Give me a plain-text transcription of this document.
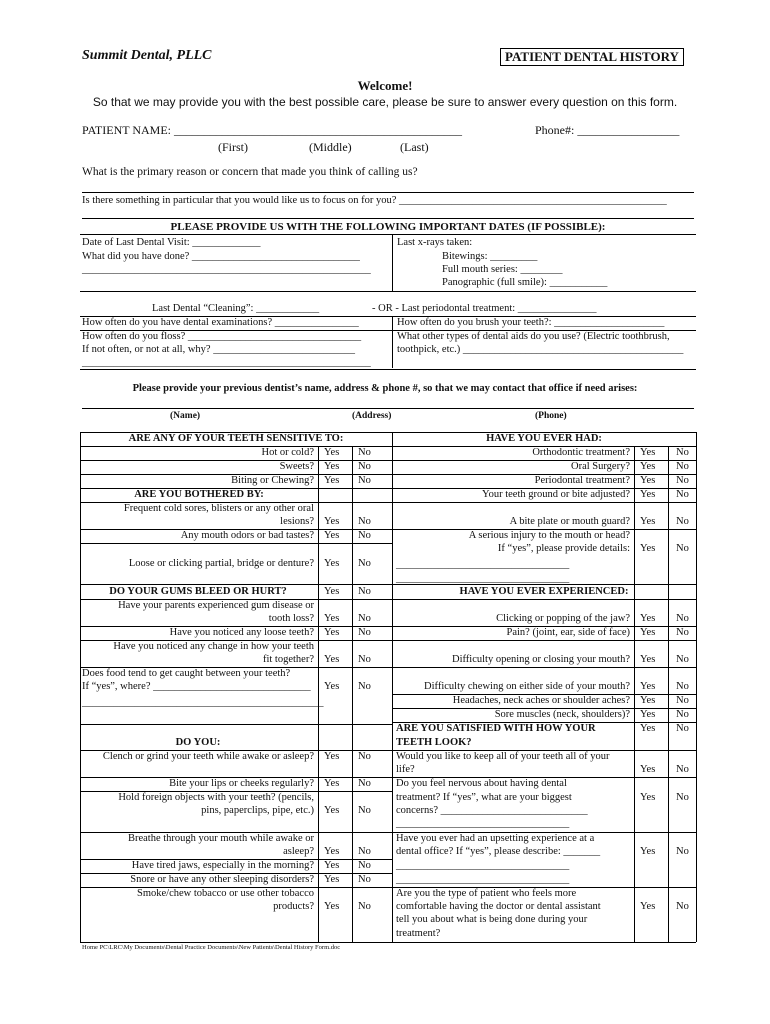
Summit Dental, PLLC	PATIENT DENTAL HISTORY
Welcome!
So that we may provide you with the best possible care, please be sure to answer every question on this form.
PATIENT NAME: ________________________________________________	Phone#: _________________
(First)	(Middle)	(Last)
What is the primary reason or concern that made you think of calling us?
Is there something in particular that you would like us to focus on for you? ___________________________________________________
PLEASE PROVIDE US WITH THE FOLLOWING IMPORTANT DATES (IF POSSIBLE):
Date of Last Dental Visit: _____________
What did you have done? ________________________________
_______________________________________________________
Last x-rays taken:
Bitewings: _________
Full mouth series: ________
Panographic (full smile): ___________
Last Dental “Cleaning”: ____________	- OR - Last periodontal treatment: _______________
How often do you have dental examinations? ________________	How often do you brush your teeth?: _____________________
How often do you floss? _________________________________	What other types of dental aids do you use? (Electric toothbrush,
If not often, or not at all, why? ___________________________	toothpick, etc.) __________________________________________
_______________________________________________________
Please provide your previous dentist’s name, address & phone #, so that we may contact that office if need arises:
(Name)	(Address)	(Phone)
ARE ANY OF YOUR TEETH SENSITIVE TO:
Hot or cold? Yes No
Sweets? Yes No
Biting or Chewing? Yes No
ARE YOU BOTHERED BY:
Frequent cold sores, blisters or any other oral
lesions? Yes No
Any mouth odors or bad tastes? Yes No
Loose or clicking partial, bridge or denture? Yes No
DO YOUR GUMS BLEED OR HURT?	Yes No
Have your parents experienced gum disease or
tooth loss? Yes No
Have you noticed any loose teeth? Yes No
Have you noticed any change in how your teeth
fit together? Yes No
Does food tend to get caught between your teeth?
If “yes”, where? ______________________________ Yes No
______________________________________________
DO YOU:
Clench or grind your teeth while awake or asleep? Yes No
Bite your lips or cheeks regularly? Yes No
Hold foreign objects with your teeth? (pencils,
pins, paperclips, pipe, etc.) Yes No
Breathe through your mouth while awake or
asleep? Yes No
Have tired jaws, especially in the morning? Yes No
Snore or have any other sleeping disorders? Yes No
Smoke/chew tobacco or use other tobacco
products? Yes No
HAVE YOU EVER HAD:
Orthodontic treatment? Yes No
Oral Surgery? Yes No
Periodontal treatment? Yes No
Your teeth ground or bite adjusted? Yes No
A bite plate or mouth guard? Yes No
A serious injury to the mouth or head?
If “yes”, please provide details: Yes No
_________________________________
_________________________________
HAVE YOU EVER EXPERIENCED:
Clicking or popping of the jaw? Yes No
Pain? (joint, ear, side of face) Yes No
Difficulty opening or closing your mouth? Yes No
Difficulty chewing on either side of your mouth? Yes No
Headaches, neck aches or shoulder aches? Yes No
Sore muscles (neck, shoulders)? Yes No
ARE YOU SATISFIED WITH HOW YOUR	Yes No
TEETH LOOK?
Would you like to keep all of your teeth all of your
life?	Yes No
Do you feel nervous about having dental
treatment? If “yes”, what are your biggest	Yes No
concerns? ____________________________
_________________________________
Have you ever had an upsetting experience at a
dental office? If “yes”, please describe: _______	Yes No
_________________________________
_________________________________
Are you the type of patient who feels more
comfortable having the doctor or dental assistant	Yes No
tell you about what is being done during your
treatment?
Home PC\LRC\My Documents\Dental Practice Documents\New Patients\Dental History Form.doc
